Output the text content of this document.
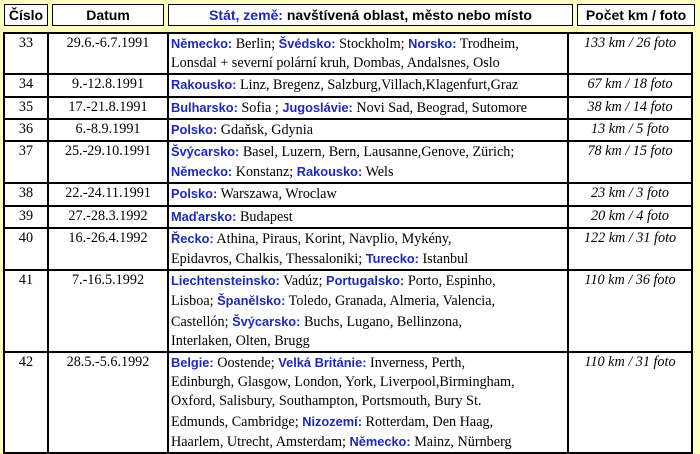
Číslo	Datum	Stát, země: navštívená oblast, město nebo místo	Počet km / foto
33	29.6.-6.7.1991	Německo: Berlin; Švédsko: Stockholm; Norsko: Trodheim,
Lonsdal + severní polární kruh, Dombas, Andalsnes, Oslo	133 km / 26 foto
34	9.-12.8.1991	Rakousko: Linz, Bregenz, Salzburg,Villach,Klagenfurt,Graz	67 km / 18 foto
35	17.-21.8.1991	Bulharsko: Sofia ; Jugoslávie: Novi Sad, Beograd, Sutomore	38 km / 14 foto
36	6.-8.9.1991	Polsko: Gdaňsk, Gdynia	13 km / 5 foto
37	25.-29.10.1991	Švýcarsko: Basel, Luzern, Bern, Lausanne,Genove, Zürich;
Německo: Konstanz; Rakousko: Wels	78 km / 15 foto
38	22.-24.11.1991	Polsko: Warszawa, Wroclaw	23 km / 3 foto
39	27.-28.3.1992	Maďarsko: Budapest	20 km / 4 foto
40	16.-26.4.1992	Řecko: Athina, Piraus, Korint, Navplio, Mykény,
Epidavros, Chalkis, Thessaloniki; Turecko: Istanbul	122 km / 31 foto
41	7.-16.5.1992	Liechtensteinsko: Vadúz; Portugalsko: Porto, Espinho,
Lisboa; Španělsko: Toledo, Granada, Almeria, Valencia,
Castellón; Švýcarsko: Buchs, Lugano, Bellinzona,
Interlaken, Olten, Brugg	110 km / 36 foto
42	28.5.-5.6.1992	Belgie: Oostende; Velká Británie: Inverness, Perth,
Edinburgh, Glasgow, London, York, Liverpool,Birmingham,
Oxford, Salisbury, Southampton, Portsmouth, Bury St.
Edmunds, Cambridge; Nizozemí: Rotterdam, Den Haag,
Haarlem, Utrecht, Amsterdam; Německo: Mainz, Nürnberg	110 km / 31 foto
